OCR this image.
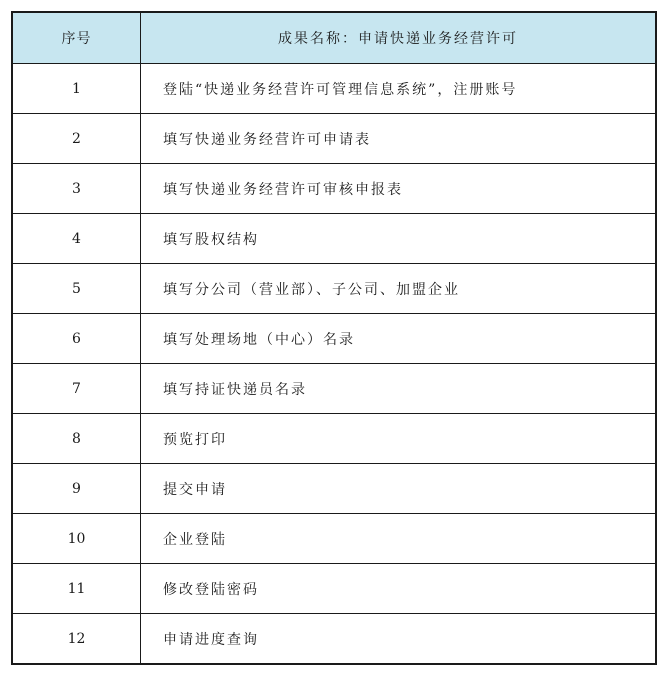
序号	成果名称：申请快递业务经营许可
1	登陆“快递业务经营许可管理信息系统”，注册账号
2	填写快递业务经营许可申请表
3	填写快递业务经营许可审核申报表
4	填写股权结构
5	填写分公司（营业部）、子公司、加盟企业
6	填写处理场地（中心）名录
7	填写持证快递员名录
8	预览打印
9	提交申请
10	企业登陆
11	修改登陆密码
12	申请进度查询
